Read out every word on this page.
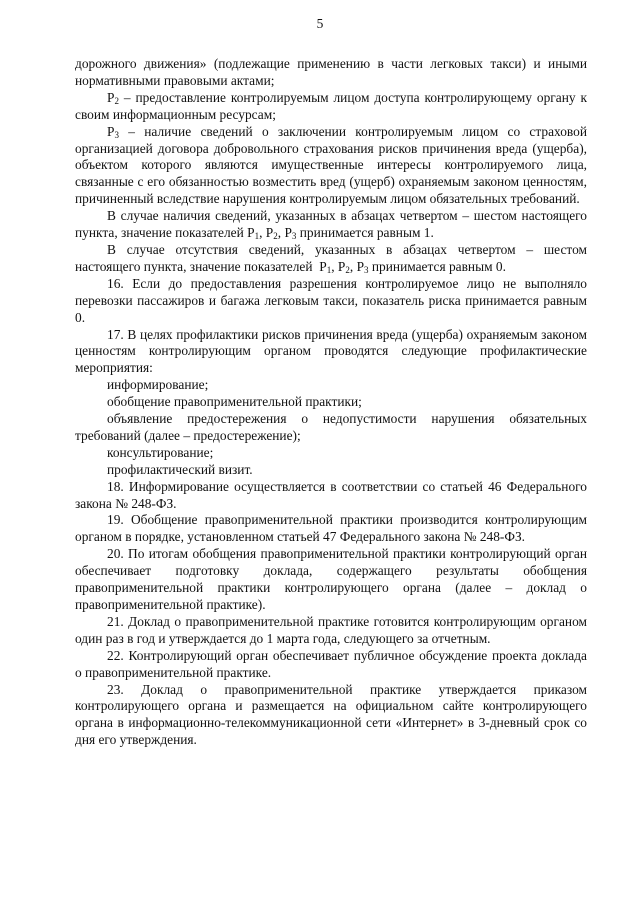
5

дорожного движения» (подлежащие применению в части легковых такси) и иными нормативными правовыми актами;

$Р_2$ – предоставление контролируемым лицом доступа контролирующему органу к своим информационным ресурсам;

$Р_3$ – наличие сведений о заключении контролируемым лицом со страховой организацией договора добровольного страхования рисков причинения вреда (ущерба), объектом которого являются имущественные интересы контролируемого лица, связанные с его обязанностью возместить вред (ущерб) охраняемым законом ценностям, причиненный вследствие нарушения контролируемым лицом обязательных требований.

В случае наличия сведений, указанных в абзацах четвертом – шестом настоящего пункта, значение показателей $Р_1$, $Р_2$, $Р_3$ принимается равным 1.

В случае отсутствия сведений, указанных в абзацах четвертом – шестом настоящего пункта, значение показателей $Р_1$, $Р_2$, $Р_3$ принимается равным 0.

16. Если до предоставления разрешения контролируемое лицо не выполняло перевозки пассажиров и багажа легковым такси, показатель риска принимается равным 0.

17. В целях профилактики рисков причинения вреда (ущерба) охраняемым законом ценностям контролирующим органом проводятся следующие профилактические мероприятия:

информирование;

обобщение правоприменительной практики;

объявление предостережения о недопустимости нарушения обязательных требований (далее – предостережение);

консультирование;

профилактический визит.

18. Информирование осуществляется в соответствии со статьей 46 Федерального закона № 248-ФЗ.

19. Обобщение правоприменительной практики производится контролирующим органом в порядке, установленном статьей 47 Федерального закона № 248-ФЗ.

20. По итогам обобщения правоприменительной практики контролирующий орган обеспечивает подготовку доклада, содержащего результаты обобщения правоприменительной практики контролирующего органа (далее – доклад о правоприменительной практике).

21. Доклад о правоприменительной практике готовится контролирующим органом один раз в год и утверждается до 1 марта года, следующего за отчетным.

22. Контролирующий орган обеспечивает публичное обсуждение проекта доклада о правоприменительной практике.

23. Доклад о правоприменительной практике утверждается приказом контролирующего органа и размещается на официальном сайте контролирующего органа в информационно-телекоммуникационной сети «Интернет» в 3-дневный срок со дня его утверждения.
